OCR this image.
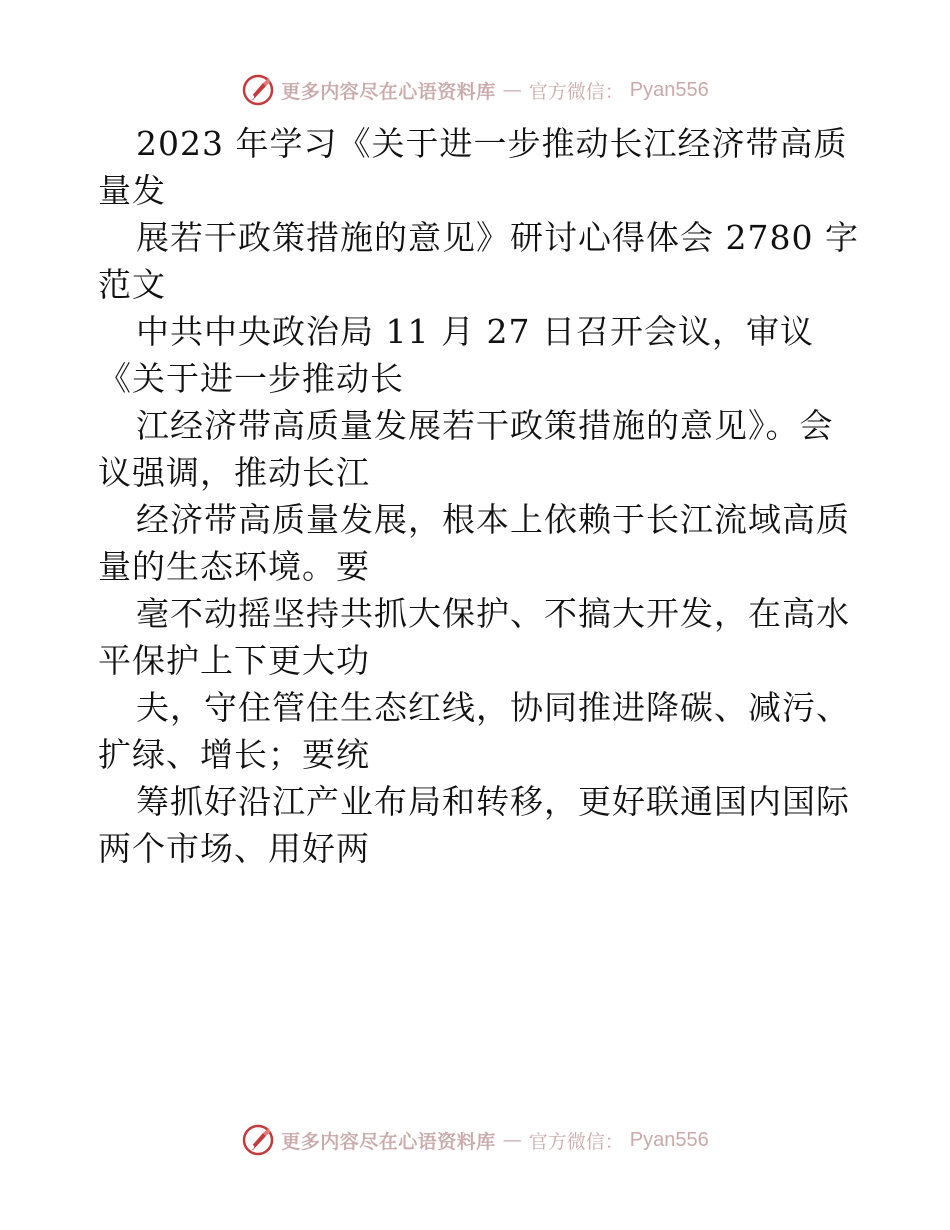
更多内容尽在心语资料库 — 官方微信： Pyan556
2023 年学习《关于进一步推动长江经济带高质
量发
展若干政策措施的意见》研讨心得体会 2780 字
范文
中共中央政治局 11 月 27 日召开会议，审议
《关于进一步推动长
江经济带高质量发展若干政策措施的意见》。会
议强调，推动长江
经济带高质量发展，根本上依赖于长江流域高质
量的生态环境。要
毫不动摇坚持共抓大保护、不搞大开发，在高水
平保护上下更大功
夫，守住管住生态红线，协同推进降碳、减污、
扩绿、增长；要统
筹抓好沿江产业布局和转移，更好联通国内国际
两个市场、用好两
更多内容尽在心语资料库 — 官方微信： Pyan556
